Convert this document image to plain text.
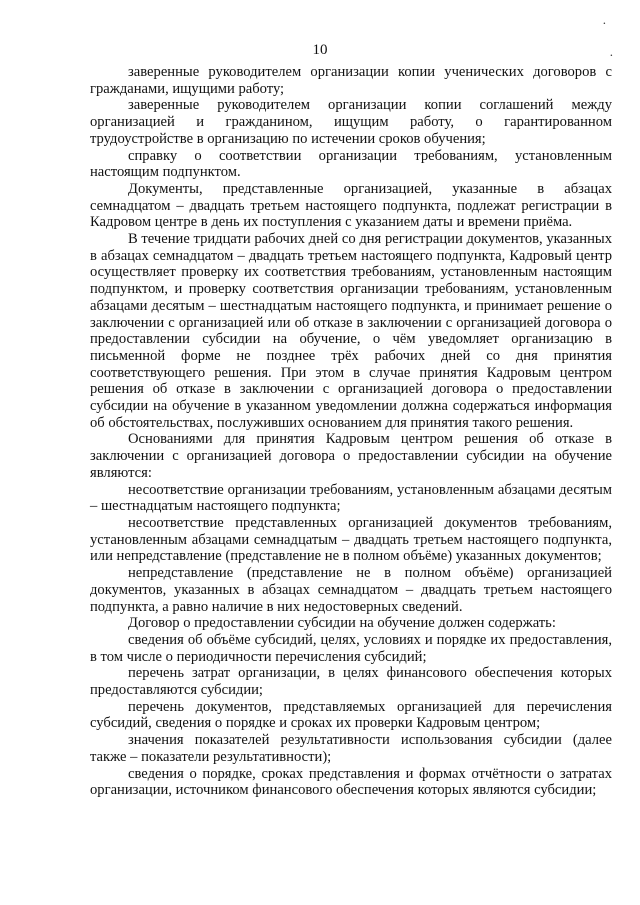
.
.
10

заверенные руководителем организации копии ученических договоров с гражданами, ищущими работу;

заверенные руководителем организации копии соглашений между организацией и гражданином, ищущим работу, о гарантированном трудоустройстве в организацию по истечении сроков обучения;

справку о соответствии организации требованиям, установленным настоящим подпунктом.

Документы, представленные организацией, указанные в абзацах семнадцатом – двадцать третьем настоящего подпункта, подлежат регистрации в Кадровом центре в день их поступления с указанием даты и времени приёма.

В течение тридцати рабочих дней со дня регистрации документов, указанных в абзацах семнадцатом – двадцать третьем настоящего подпункта, Кадровый центр осуществляет проверку их соответствия требованиям, установленным настоящим подпунктом, и проверку соответствия организации требованиям, установленным абзацами десятым – шестнадцатым настоящего подпункта, и принимает решение о заключении с организацией или об отказе в заключении с организацией договора о предоставлении субсидии на обучение, о чём уведомляет организацию в письменной форме не позднее трёх рабочих дней со дня принятия соответствующего решения. При этом в случае принятия Кадровым центром решения об отказе в заключении с организацией договора о предоставлении субсидии на обучение в указанном уведомлении должна содержаться информация об обстоятельствах, послуживших основанием для принятия такого решения.

Основаниями для принятия Кадровым центром решения об отказе в заключении с организацией договора о предоставлении субсидии на обучение являются:

несоответствие организации требованиям, установленным абзацами десятым – шестнадцатым настоящего подпункта;

несоответствие представленных организацией документов требованиям, установленным абзацами семнадцатым – двадцать третьем настоящего подпункта, или непредставление (представление не в полном объёме) указанных документов;

непредставление (представление не в полном объёме) организацией документов, указанных в абзацах семнадцатом – двадцать третьем настоящего подпункта, а равно наличие в них недостоверных сведений.

Договор о предоставлении субсидии на обучение должен содержать:

сведения об объёме субсидий, целях, условиях и порядке их предоставления, в том числе о периодичности перечисления субсидий;

перечень затрат организации, в целях финансового обеспечения которых предоставляются субсидии;

перечень документов, представляемых организацией для перечисления субсидий, сведения о порядке и сроках их проверки Кадровым центром;

значения показателей результативности использования субсидии (далее также – показатели результативности);

сведения о порядке, сроках представления и формах отчётности о затратах организации, источником финансового обеспечения которых являются субсидии;
